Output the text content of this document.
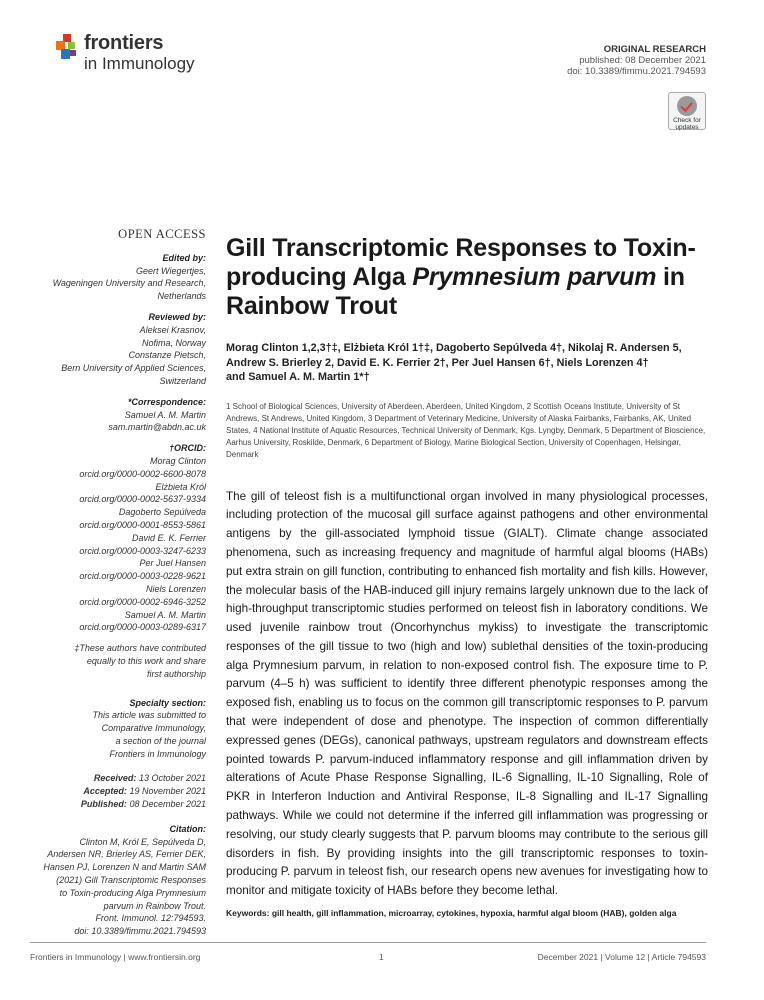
frontiers
in Immunology
ORIGINAL RESEARCH
published: 08 December 2021
doi: 10.3389/fimmu.2021.794593
Check for updates
OPEN ACCESS
Edited by:
Geert Wiegertjes,
Wageningen University and Research,
Netherlands
Reviewed by:
Aleksei Krasnov,
Nofima, Norway
Constanze Pietsch,
Bern University of Applied Sciences,
Switzerland
*Correspondence:
Samuel A. M. Martin
sam.martin@abdn.ac.uk
†ORCID:
Morag Clinton
orcid.org/0000-0002-6600-8078
Elżbieta Król
orcid.org/0000-0002-5637-9334
Dagoberto Sepúlveda
orcid.org/0000-0001-8553-5861
David E. K. Ferrier
orcid.org/0000-0003-3247-6233
Per Juel Hansen
orcid.org/0000-0003-0228-9621
Niels Lorenzen
orcid.org/0000-0002-6946-3252
Samuel A. M. Martin
orcid.org/0000-0003-0289-6317
‡These authors have contributed
equally to this work and share
first authorship
Specialty section:
This article was submitted to
Comparative Immunology,
a section of the journal
Frontiers in Immunology
Received: 13 October 2021
Accepted: 19 November 2021
Published: 08 December 2021
Citation:
Clinton M, Król E, Sepúlveda D,
Andersen NR, Brierley AS, Ferrier DEK,
Hansen PJ, Lorenzen N and Martin SAM
(2021) Gill Transcriptomic Responses
to Toxin-producing Alga Prymnesium
parvum in Rainbow Trout.
Front. Immunol. 12:794593.
doi: 10.3389/fimmu.2021.794593
Gill Transcriptomic Responses to Toxin-producing Alga Prymnesium parvum in Rainbow Trout
Morag Clinton 1,2,3†‡, Elżbieta Król 1†‡, Dagoberto Sepúlveda 4†, Nikolaj R. Andersen 5,
Andrew S. Brierley 2, David E. K. Ferrier 2†, Per Juel Hansen 6†, Niels Lorenzen 4†
and Samuel A. M. Martin 1*†
1 School of Biological Sciences, University of Aberdeen, Aberdeen, United Kingdom, 2 Scottish Oceans Institute, University of St Andrews, St Andrews, United Kingdom, 3 Department of Veterinary Medicine, University of Alaska Fairbanks, Fairbanks, AK, United States, 4 National Institute of Aquatic Resources, Technical University of Denmark, Kgs. Lyngby, Denmark, 5 Department of Bioscience, Aarhus University, Roskilde, Denmark, 6 Department of Biology, Marine Biological Section, University of Copenhagen, Helsingør, Denmark
The gill of teleost fish is a multifunctional organ involved in many physiological processes, including protection of the mucosal gill surface against pathogens and other environmental antigens by the gill-associated lymphoid tissue (GIALT). Climate change associated phenomena, such as increasing frequency and magnitude of harmful algal blooms (HABs) put extra strain on gill function, contributing to enhanced fish mortality and fish kills. However, the molecular basis of the HAB-induced gill injury remains largely unknown due to the lack of high-throughput transcriptomic studies performed on teleost fish in laboratory conditions. We used juvenile rainbow trout (Oncorhynchus mykiss) to investigate the transcriptomic responses of the gill tissue to two (high and low) sublethal densities of the toxin-producing alga Prymnesium parvum, in relation to non-exposed control fish. The exposure time to P. parvum (4–5 h) was sufficient to identify three different phenotypic responses among the exposed fish, enabling us to focus on the common gill transcriptomic responses to P. parvum that were independent of dose and phenotype. The inspection of common differentially expressed genes (DEGs), canonical pathways, upstream regulators and downstream effects pointed towards P. parvum-induced inflammatory response and gill inflammation driven by alterations of Acute Phase Response Signalling, IL-6 Signalling, IL-10 Signalling, Role of PKR in Interferon Induction and Antiviral Response, IL-8 Signalling and IL-17 Signalling pathways. While we could not determine if the inferred gill inflammation was progressing or resolving, our study clearly suggests that P. parvum blooms may contribute to the serious gill disorders in fish. By providing insights into the gill transcriptomic responses to toxin-producing P. parvum in teleost fish, our research opens new avenues for investigating how to monitor and mitigate toxicity of HABs before they become lethal.
Keywords: gill health, gill inflammation, microarray, cytokines, hypoxia, harmful algal bloom (HAB), golden alga
Frontiers in Immunology | www.frontiersin.org	1	December 2021 | Volume 12 | Article 794593
